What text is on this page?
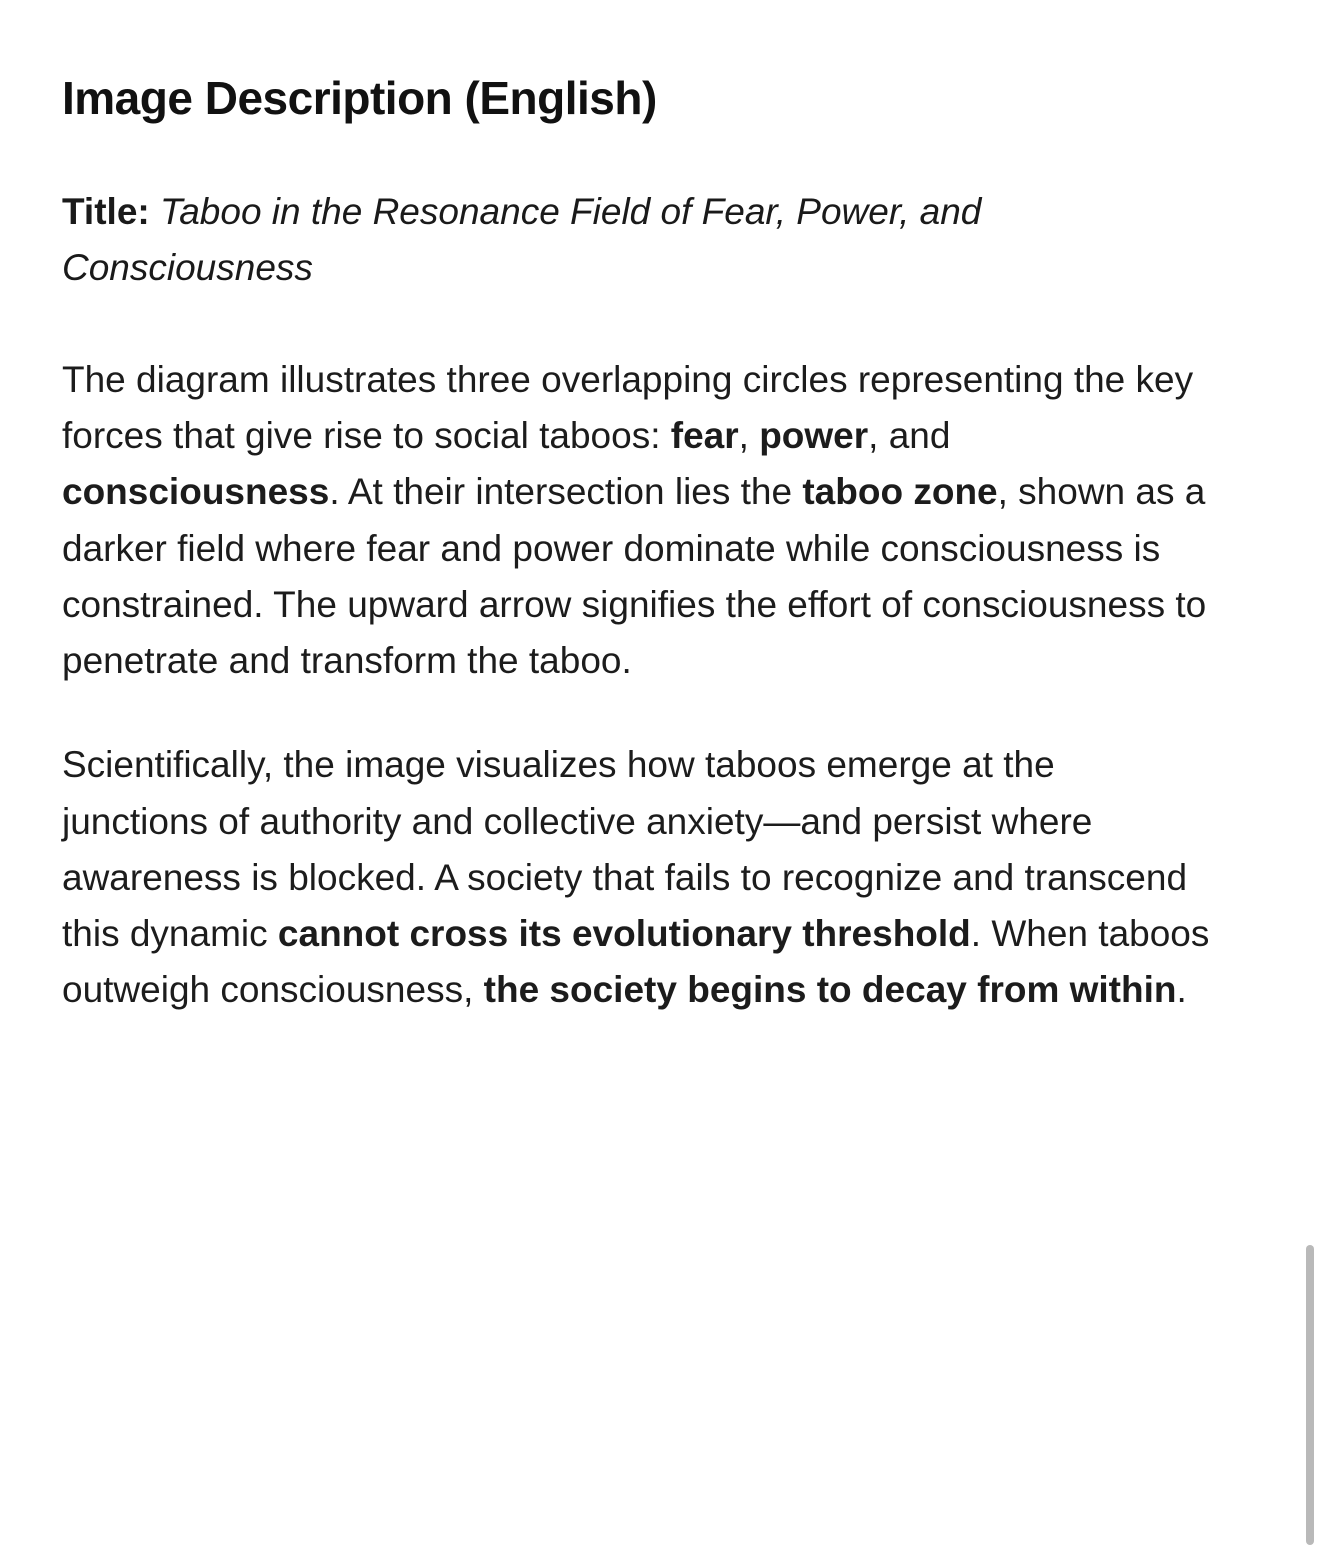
Image Description (English)

Title: Taboo in the Resonance Field of Fear, Power, and Consciousness

The diagram illustrates three overlapping circles representing the key forces that give rise to social taboos: fear, power, and consciousness. At their intersection lies the taboo zone, shown as a darker field where fear and power dominate while consciousness is constrained. The upward arrow signifies the effort of consciousness to penetrate and transform the taboo.

Scientifically, the image visualizes how taboos emerge at the junctions of authority and collective anxiety—and persist where awareness is blocked. A society that fails to recognize and transcend this dynamic cannot cross its evolutionary threshold. When taboos outweigh consciousness, the society begins to decay from within.
